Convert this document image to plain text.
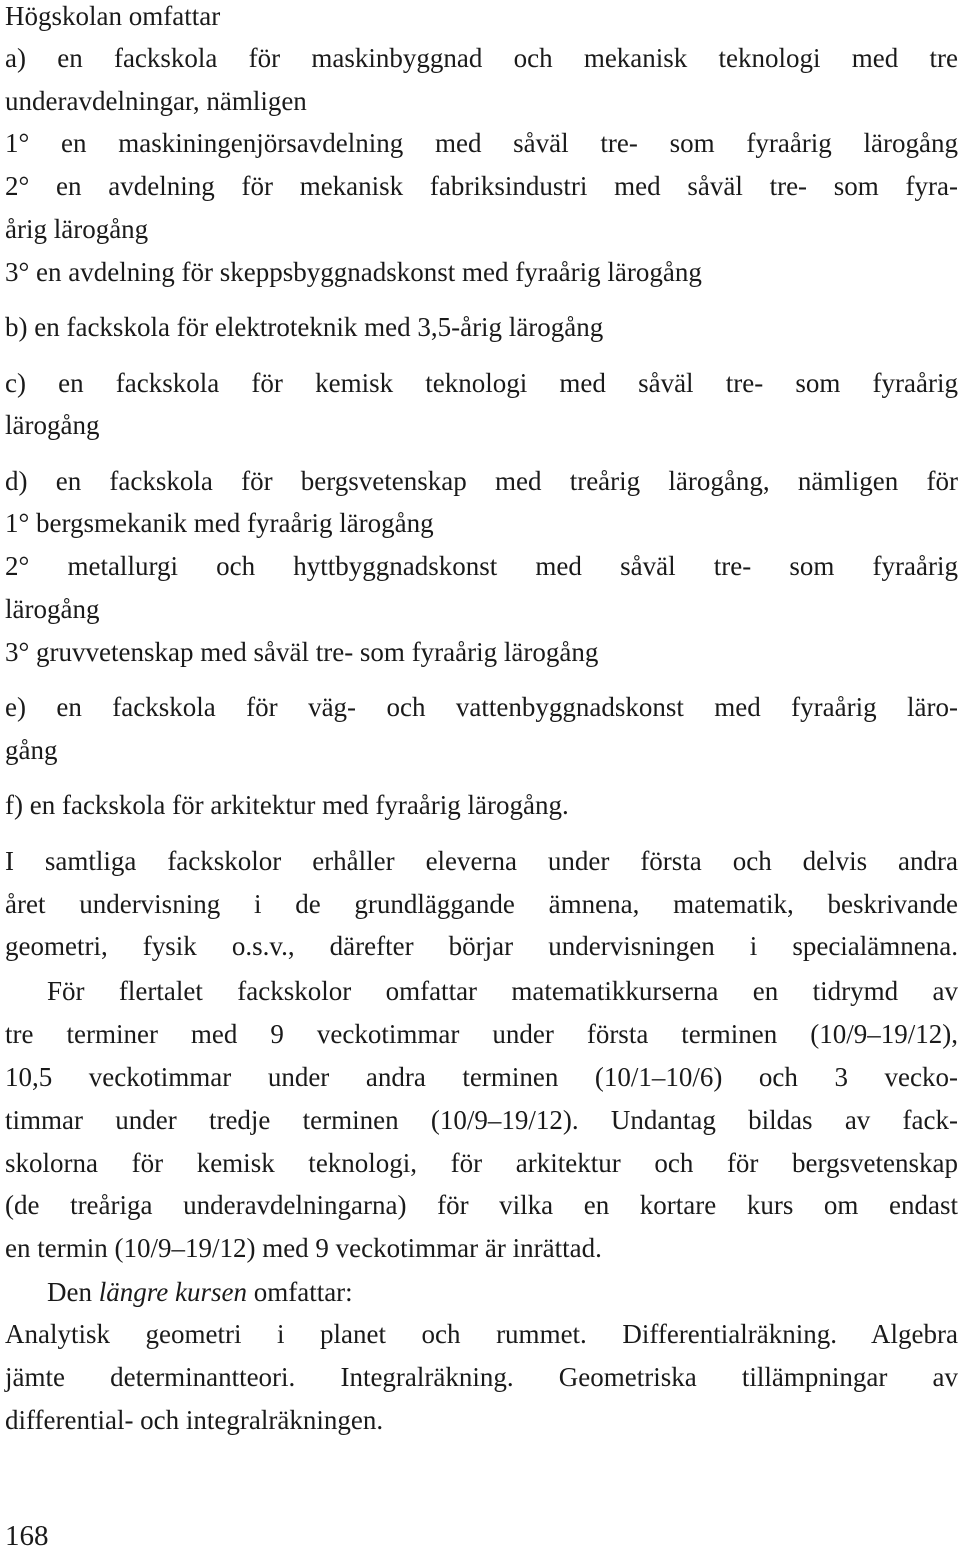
Högskolan omfattar
a) en fackskola för maskinbyggnad och mekanisk teknologi med tre
underavdelningar, nämligen
1° en maskiningenjörsavdelning med såväl tre- som fyraårig lärogång
2° en avdelning för mekanisk fabriksindustri med såväl tre- som fyra-
årig lärogång
3° en avdelning för skeppsbyggnadskonst med fyraårig lärogång
b) en fackskola för elektroteknik med 3,5-årig lärogång
c) en fackskola för kemisk teknologi med såväl tre- som fyraårig
lärogång
d) en fackskola för bergsvetenskap med treårig lärogång, nämligen för
1° bergsmekanik med fyraårig lärogång
2° metallurgi och hyttbyggnadskonst med såväl tre- som fyraårig
lärogång
3° gruvvetenskap med såväl tre- som fyraårig lärogång
e) en fackskola för väg- och vattenbyggnadskonst med fyraårig läro-
gång
f) en fackskola för arkitektur med fyraårig lärogång.
I samtliga fackskolor erhåller eleverna under första och delvis andra
året undervisning i de grundläggande ämnena, matematik, beskrivande
geometri, fysik o.s.v., därefter börjar undervisningen i specialämnena.
För flertalet fackskolor omfattar matematikkurserna en tidrymd av
tre terminer med 9 veckotimmar under första terminen (10/9–19/12),
10,5 veckotimmar under andra terminen (10/1–10/6) och 3 vecko-
timmar under tredje terminen (10/9–19/12). Undantag bildas av fack-
skolorna för kemisk teknologi, för arkitektur och för bergsvetenskap
(de treåriga underavdelningarna) för vilka en kortare kurs om endast
en termin (10/9–19/12) med 9 veckotimmar är inrättad.
Den längre kursen omfattar:
Analytisk geometri i planet och rummet. Differentialräkning. Algebra
jämte determinantteori. Integralräkning. Geometriska tillämpningar av
differential- och integralräkningen.
168
